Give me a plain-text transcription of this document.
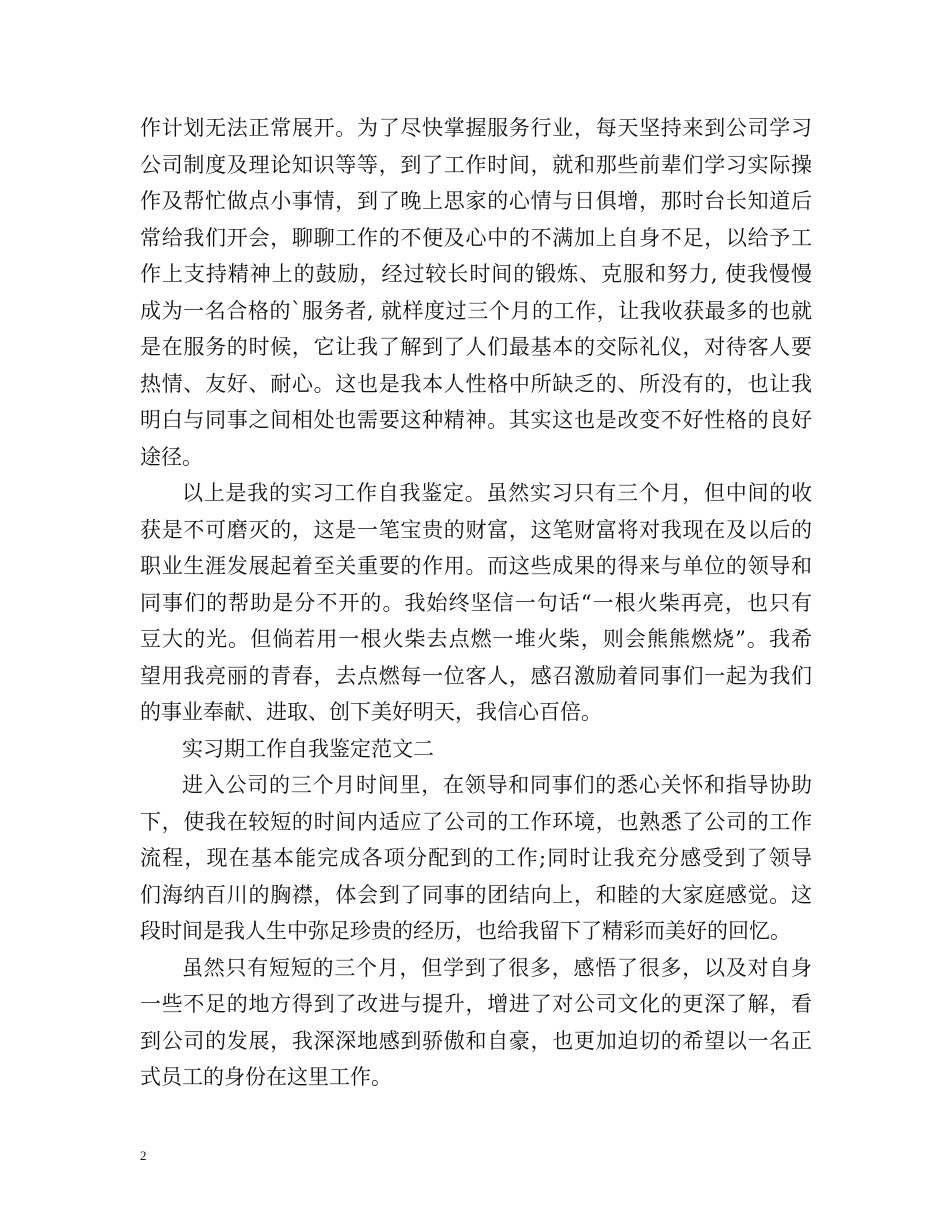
作计划无法正常展开。为了尽快掌握服务行业，每天坚持来到公司学习
公司制度及理论知识等等，到了工作时间，就和那些前辈们学习实际操
作及帮忙做点小事情，到了晚上思家的心情与日俱增，那时台长知道后
常给我们开会，聊聊工作的不便及心中的不满加上自身不足，以给予工
作上支持精神上的鼓励，经过较长时间的锻炼、克服和努力, 使我慢慢
成为一名合格的`服务者, 就样度过三个月的工作，让我收获最多的也就
是在服务的时候，它让我了解到了人们最基本的交际礼仪，对待客人要
热情、友好、耐心。这也是我本人性格中所缺乏的、所没有的，也让我
明白与同事之间相处也需要这种精神。其实这也是改变不好性格的良好
途径。
以上是我的实习工作自我鉴定。虽然实习只有三个月，但中间的收
获是不可磨灭的，这是一笔宝贵的财富，这笔财富将对我现在及以后的
职业生涯发展起着至关重要的作用。而这些成果的得来与单位的领导和
同事们的帮助是分不开的。我始终坚信一句话“一根火柴再亮，也只有
豆大的光。但倘若用一根火柴去点燃一堆火柴，则会熊熊燃烧”。我希
望用我亮丽的青春，去点燃每一位客人，感召激励着同事们一起为我们
的事业奉献、进取、创下美好明天，我信心百倍。
实习期工作自我鉴定范文二
进入公司的三个月时间里，在领导和同事们的悉心关怀和指导协助
下，使我在较短的时间内适应了公司的工作环境，也熟悉了公司的工作
流程，现在基本能完成各项分配到的工作;同时让我充分感受到了领导
们海纳百川的胸襟，体会到了同事的团结向上，和睦的大家庭感觉。这
段时间是我人生中弥足珍贵的经历，也给我留下了精彩而美好的回忆。
虽然只有短短的三个月，但学到了很多，感悟了很多，以及对自身
一些不足的地方得到了改进与提升，增进了对公司文化的更深了解，看
到公司的发展，我深深地感到骄傲和自豪，也更加迫切的希望以一名正
式员工的身份在这里工作。
2
